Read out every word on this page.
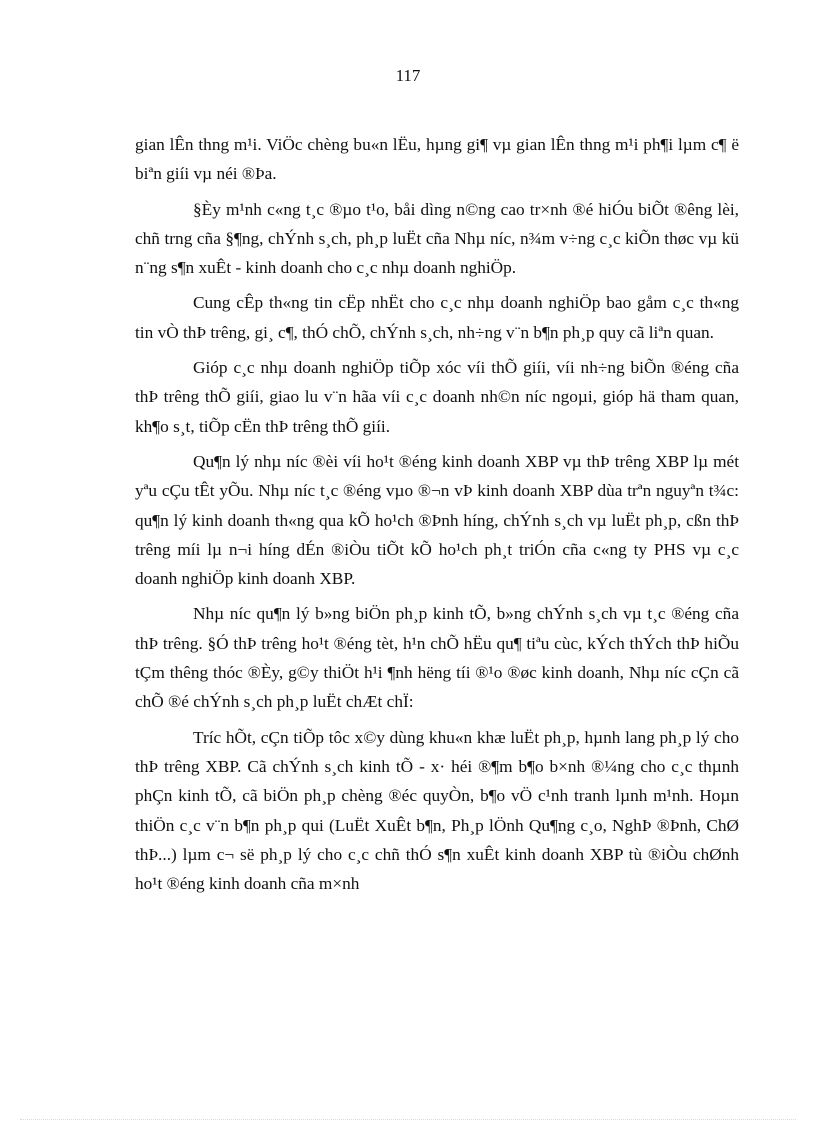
117

gian lÊn thng m¹i. ViÖc chèng bu«n lËu, hµng gi¶ vµ gian lÊn thng m¹i ph¶i lµm c¶ ë biªn giíi vµ néi ®Þa.

§Èy m¹nh c«ng t¸c ®µo t¹o, båi dìng n©ng cao tr×nh ®é hiÓu biÕt ®êng lèi, chñ trng cña §¶ng, chÝnh s¸ch, ph¸p luËt cña Nhµ níc, n¾m v÷ng c¸c kiÕn thøc vµ kü n¨ng s¶n xuÊt - kinh doanh cho c¸c nhµ doanh nghiÖp.

Cung cÊp th«ng tin cËp nhËt cho c¸c nhµ doanh nghiÖp bao gåm c¸c th«ng tin vÒ thÞ trêng, gi¸ c¶, thÓ chÕ, chÝnh s¸ch, nh÷ng v¨n b¶n ph¸p quy cã liªn quan.

Gióp c¸c nhµ doanh nghiÖp tiÕp xóc víi thÕ giíi, víi nh÷ng biÕn ®éng cña thÞ trêng thÕ giíi, giao lu v¨n hãa víi c¸c doanh nh©n níc ngoµi, gióp hä tham quan, kh¶o s¸t, tiÕp cËn thÞ trêng thÕ giíi.

Qu¶n lý nhµ níc ®èi víi ho¹t ®éng kinh doanh XBP vµ thÞ trêng XBP lµ mét yªu cÇu tÊt yÕu. Nhµ níc t¸c ®éng vµo ®¬n vÞ kinh doanh XBP dùa trªn nguyªn t¾c: qu¶n lý kinh doanh th«ng qua kÕ ho¹ch ®Þnh híng, chÝnh s¸ch vµ luËt ph¸p, cßn thÞ trêng míi lµ n¬i híng dÉn ®iÒu tiÕt kÕ ho¹ch ph¸t triÓn cña c«ng ty PHS vµ c¸c doanh nghiÖp kinh doanh XBP.

Nhµ níc qu¶n lý b»ng biÖn ph¸p kinh tÕ, b»ng chÝnh s¸ch vµ t¸c ®éng cña thÞ trêng. §Ó thÞ trêng ho¹t ®éng tèt, h¹n chÕ hËu qu¶ tiªu cùc, kÝch thÝch thÞ hiÕu tÇm thêng thóc ®Èy, g©y thiÖt h¹i ¶nh hëng tíi ®¹o ®øc kinh doanh, Nhµ níc cÇn cã chÕ ®é chÝnh s¸ch ph¸p luËt chÆt chÏ:

Tríc hÕt, cÇn tiÕp tôc x©y dùng khu«n khæ luËt ph¸p, hµnh lang ph¸p lý cho thÞ trêng XBP. Cã chÝnh s¸ch kinh tÕ - x· héi ®¶m b¶o b×nh ®¼ng cho c¸c thµnh phÇn kinh tÕ, cã biÖn ph¸p chèng ®éc quyÒn, b¶o vÖ c¹nh tranh lµnh m¹nh. Hoµn thiÖn c¸c v¨n b¶n ph¸p qui (LuËt XuÊt b¶n, Ph¸p lÖnh Qu¶ng c¸o, NghÞ ®Þnh, ChØ thÞ...) lµm c¬ së ph¸p lý cho c¸c chñ thÓ s¶n xuÊt kinh doanh XBP tù ®iÒu chØnh ho¹t ®éng kinh doanh cña m×nh
